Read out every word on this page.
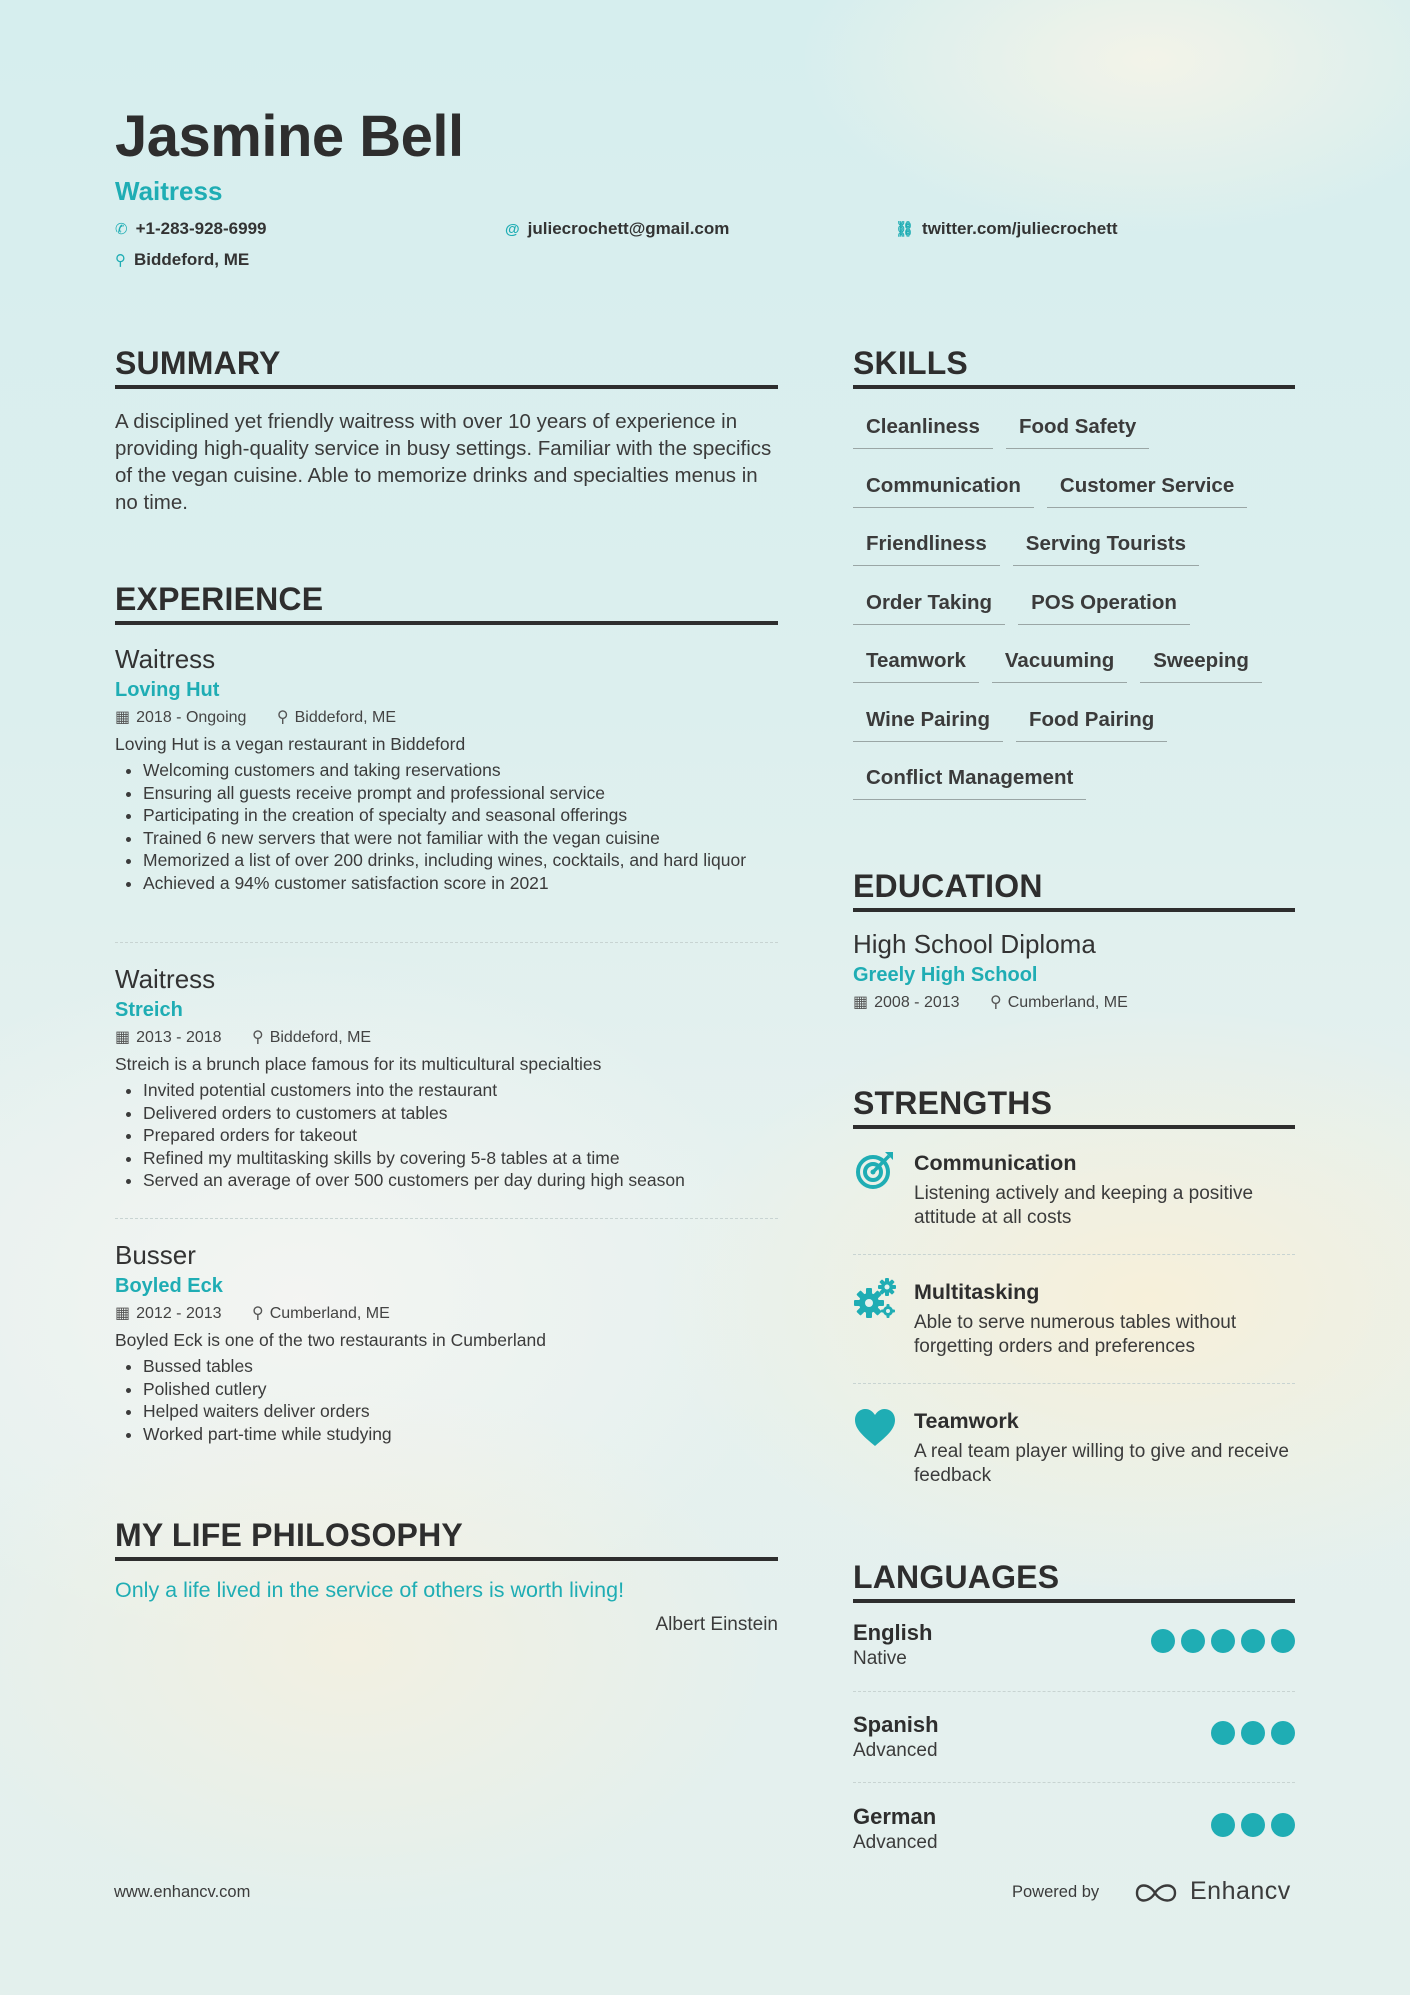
Jasmine Bell
Waitress
✆ +1-283-928-6999	@ juliecrochett@gmail.com	⛓ twitter.com/juliecrochett
⚲ Biddeford, ME
SUMMARY
A disciplined yet friendly waitress with over 10 years of experience in providing high-quality service in busy settings. Familiar with the specifics of the vegan cuisine. Able to memorize drinks and specialties menus in no time.
EXPERIENCE
Waitress
Loving Hut
▦ 2018 - Ongoing ⚲ Biddeford, ME
Loving Hut is a vegan restaurant in Biddeford
• Welcoming customers and taking reservations
• Ensuring all guests receive prompt and professional service
• Participating in the creation of specialty and seasonal offerings
• Trained 6 new servers that were not familiar with the vegan cuisine
• Memorized a list of over 200 drinks, including wines, cocktails, and hard liquor
• Achieved a 94% customer satisfaction score in 2021
Waitress
Streich
▦ 2013 - 2018 ⚲ Biddeford, ME
Streich is a brunch place famous for its multicultural specialties
• Invited potential customers into the restaurant
• Delivered orders to customers at tables
• Prepared orders for takeout
• Refined my multitasking skills by covering 5-8 tables at a time
• Served an average of over 500 customers per day during high season
Busser
Boyled Eck
▦ 2012 - 2013 ⚲ Cumberland, ME
Boyled Eck is one of the two restaurants in Cumberland
• Bussed tables
• Polished cutlery
• Helped waiters deliver orders
• Worked part-time while studying
MY LIFE PHILOSOPHY
Only a life lived in the service of others is worth living!
Albert Einstein
SKILLS
Cleanliness	Food Safety
Communication	Customer Service
Friendliness	Serving Tourists
Order Taking	POS Operation
Teamwork	Vacuuming	Sweeping
Wine Pairing	Food Pairing
Conflict Management
EDUCATION
High School Diploma
Greely High School
▦ 2008 - 2013 ⚲ Cumberland, ME
STRENGTHS
Communication
Listening actively and keeping a positive attitude at all costs
Multitasking
Able to serve numerous tables without forgetting orders and preferences
Teamwork
A real team player willing to give and receive feedback
LANGUAGES
English
Native
Spanish
Advanced
German
Advanced
www.enhancv.com	Powered by	Enhancv
